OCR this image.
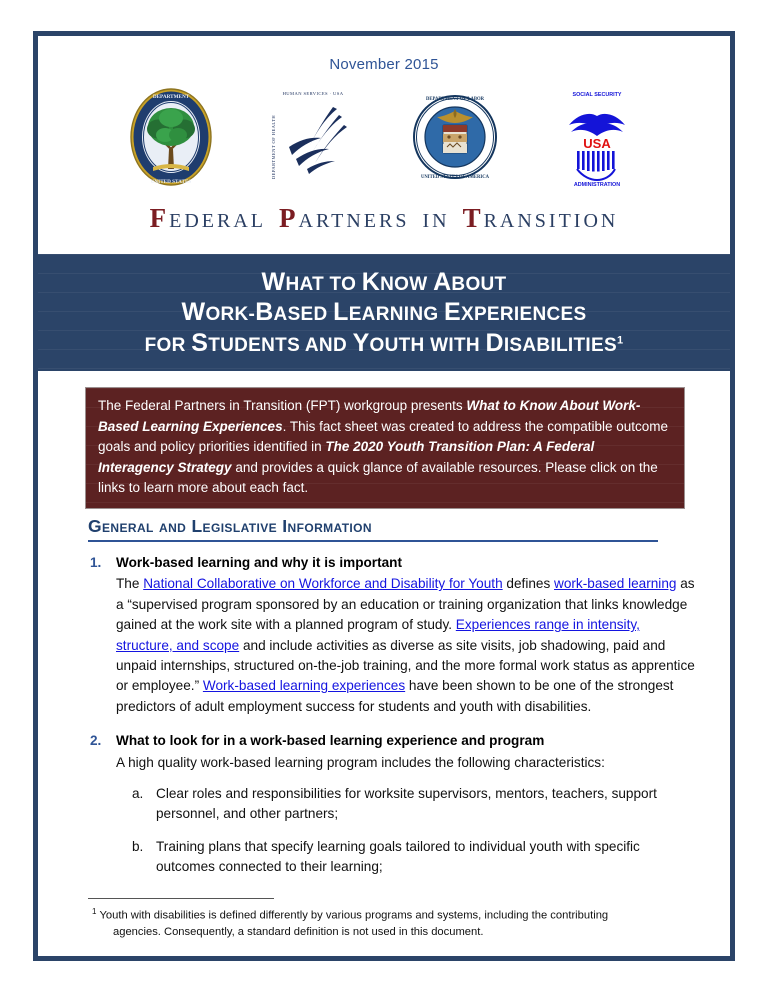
November 2015
DEPARTMENT
UNITED STATES
HUMAN SERVICES · USA
DEPARTMENT OF HEALTH
DEPARTMENT OF LABOR
UNITED STATES OF AMERICA
USA
SOCIAL SECURITY
ADMINISTRATION
FEDERAL PARTNERS IN TRANSITION
WHAT TO KNOW ABOUT
WORK-BASED LEARNING EXPERIENCES
FOR STUDENTS AND YOUTH WITH DISABILITIES$^1$
The Federal Partners in Transition (FPT) workgroup presents What to Know About Work-Based Learning Experiences. This fact sheet was created to address the compatible outcome goals and policy priorities identified in The 2020 Youth Transition Plan: A Federal Interagency Strategy and provides a quick glance of available resources. Please click on the links to learn more about each fact.
General and Legislative Information
1.	Work-based learning and why it is important
The National Collaborative on Workforce and Disability for Youth defines work-based learning as a “supervised program sponsored by an education or training organization that links knowledge gained at the work site with a planned program of study. Experiences range in intensity, structure, and scope and include activities as diverse as site visits, job shadowing, paid and unpaid internships, structured on-the-job training, and the more formal work status as apprentice or employee.” Work-based learning experiences have been shown to be one of the strongest predictors of adult employment success for students and youth with disabilities.
2.	What to look for in a work-based learning experience and program
A high quality work-based learning program includes the following characteristics:
a. Clear roles and responsibilities for worksite supervisors, mentors, teachers, support personnel, and other partners;
b. Training plans that specify learning goals tailored to individual youth with specific outcomes connected to their learning;
$^1$ Youth with disabilities is defined differently by various programs and systems, including the contributing
agencies. Consequently, a standard definition is not used in this document.
